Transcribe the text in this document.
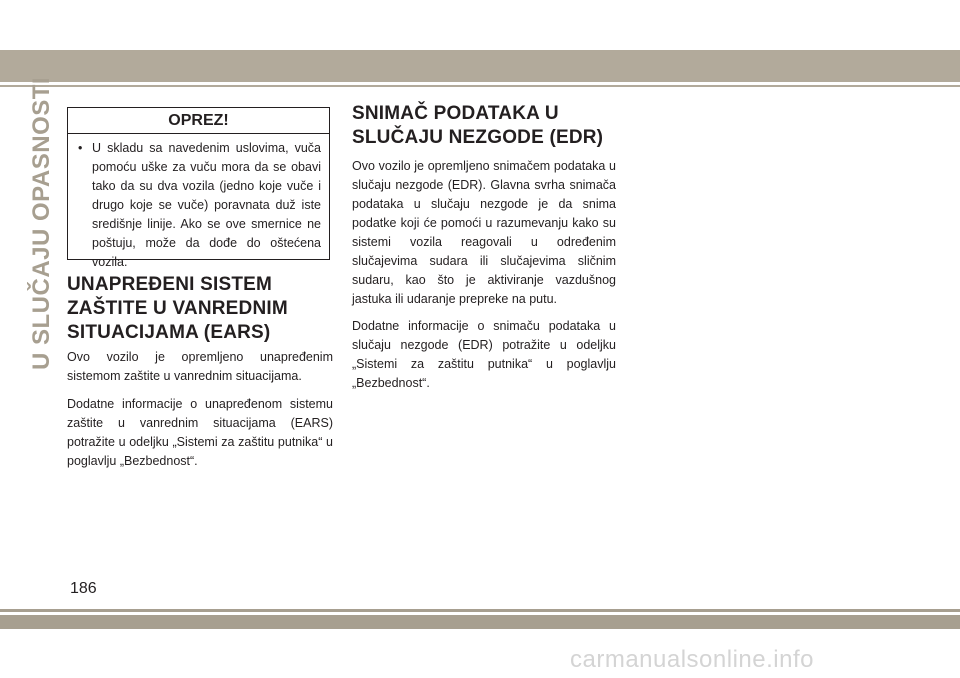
U SLUČAJU OPASNOSTI	OPREZ!
• U skladu sa navedenim uslovima, vuča pomoću uške za vuču mora da se obavi tako da su dva vozila (jedno koje vuče i drugo koje se vuče) poravnata duž iste središnje linije. Ako se ove smernice ne poštuju, može da dođe do oštećena vozila.
UNAPREĐENI SISTEM ZAŠTITE U VANREDNIM SITUACIJAMA (EARS)

Ovo vozilo je opremljeno unapređenim sistemom zaštite u vanrednim situacijama.

Dodatne informacije o unapređenom sistemu zaštite u vanrednim situacijama (EARS) potražite u odeljku „Sistemi za zaštitu putnika“ u poglavlju „Bezbednost“.

SNIMAČ PODATAKA U SLUČAJU NEZGODE (EDR)

Ovo vozilo je opremljeno snimačem podataka u slučaju nezgode (EDR). Glavna svrha snimača podataka u slučaju nezgode je da snima podatke koji će pomoći u razumevanju kako su sistemi vozila reagovali u određenim slučajevima sudara ili slučajevima sličnim sudaru, kao što je aktiviranje vazdušnog jastuka ili udaranje prepreke na putu.

Dodatne informacije o snimaču podataka u slučaju nezgode (EDR) potražite u odeljku „Sistemi za zaštitu putnika“ u poglavlju „Bezbednost“.

186
carmanualsonline.info
